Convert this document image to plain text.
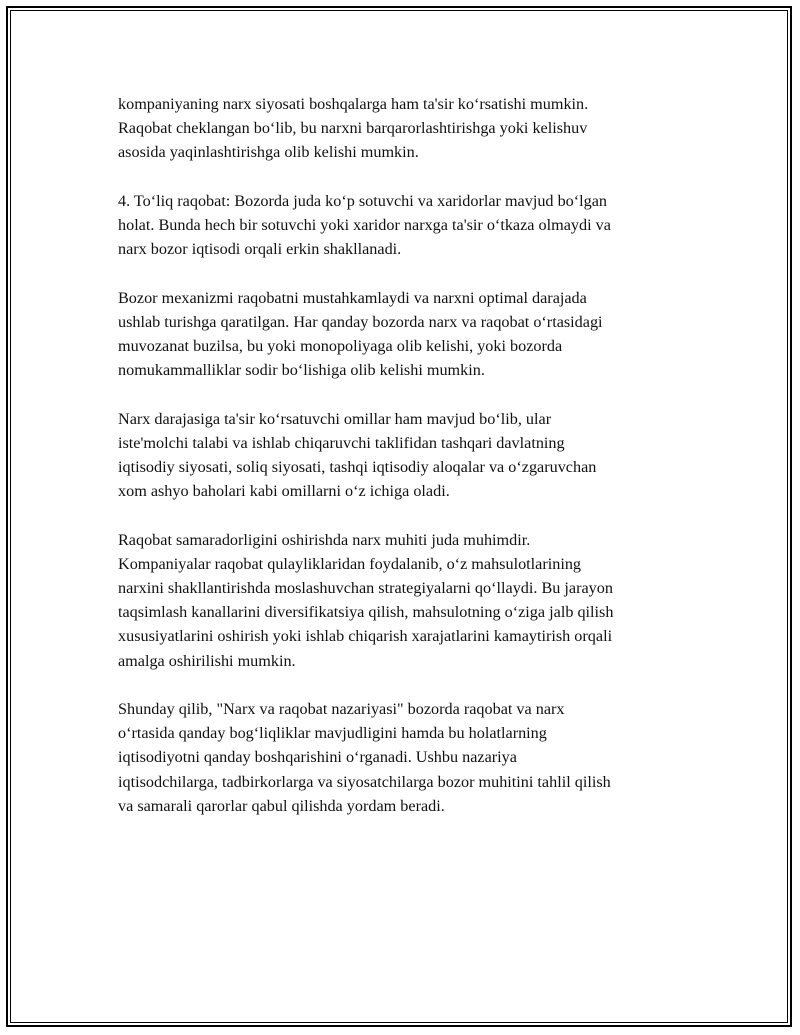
kompaniyaning narx siyosati boshqalarga ham ta'sir ko‘rsatishi mumkin.
Raqobat cheklangan bo‘lib, bu narxni barqarorlashtirishga yoki kelishuv
asosida yaqinlashtirishga olib kelishi mumkin.

4. To‘liq raqobat: Bozorda juda ko‘p sotuvchi va xaridorlar mavjud bo‘lgan
holat. Bunda hech bir sotuvchi yoki xaridor narxga ta'sir o‘tkaza olmaydi va
narx bozor iqtisodi orqali erkin shakllanadi.

Bozor mexanizmi raqobatni mustahkamlaydi va narxni optimal darajada
ushlab turishga qaratilgan. Har qanday bozorda narx va raqobat o‘rtasidagi
muvozanat buzilsa, bu yoki monopoliyaga olib kelishi, yoki bozorda
nomukammalliklar sodir bo‘lishiga olib kelishi mumkin.

Narx darajasiga ta'sir ko‘rsatuvchi omillar ham mavjud bo‘lib, ular
iste'molchi talabi va ishlab chiqaruvchi taklifidan tashqari davlatning
iqtisodiy siyosati, soliq siyosati, tashqi iqtisodiy aloqalar va o‘zgaruvchan
xom ashyo baholari kabi omillarni o‘z ichiga oladi.

Raqobat samaradorligini oshirishda narx muhiti juda muhimdir.
Kompaniyalar raqobat qulayliklaridan foydalanib, o‘z mahsulotlarining
narxini shakllantirishda moslashuvchan strategiyalarni qo‘llaydi. Bu jarayon
taqsimlash kanallarini diversifikatsiya qilish, mahsulotning o‘ziga jalb qilish
xususiyatlarini oshirish yoki ishlab chiqarish xarajatlarini kamaytirish orqali
amalga oshirilishi mumkin.

Shunday qilib, "Narx va raqobat nazariyasi" bozorda raqobat va narx
o‘rtasida qanday bog‘liqliklar mavjudligini hamda bu holatlarning
iqtisodiyotni qanday boshqarishini o‘rganadi. Ushbu nazariya
iqtisodchilarga, tadbirkorlarga va siyosatchilarga bozor muhitini tahlil qilish
va samarali qarorlar qabul qilishda yordam beradi.
